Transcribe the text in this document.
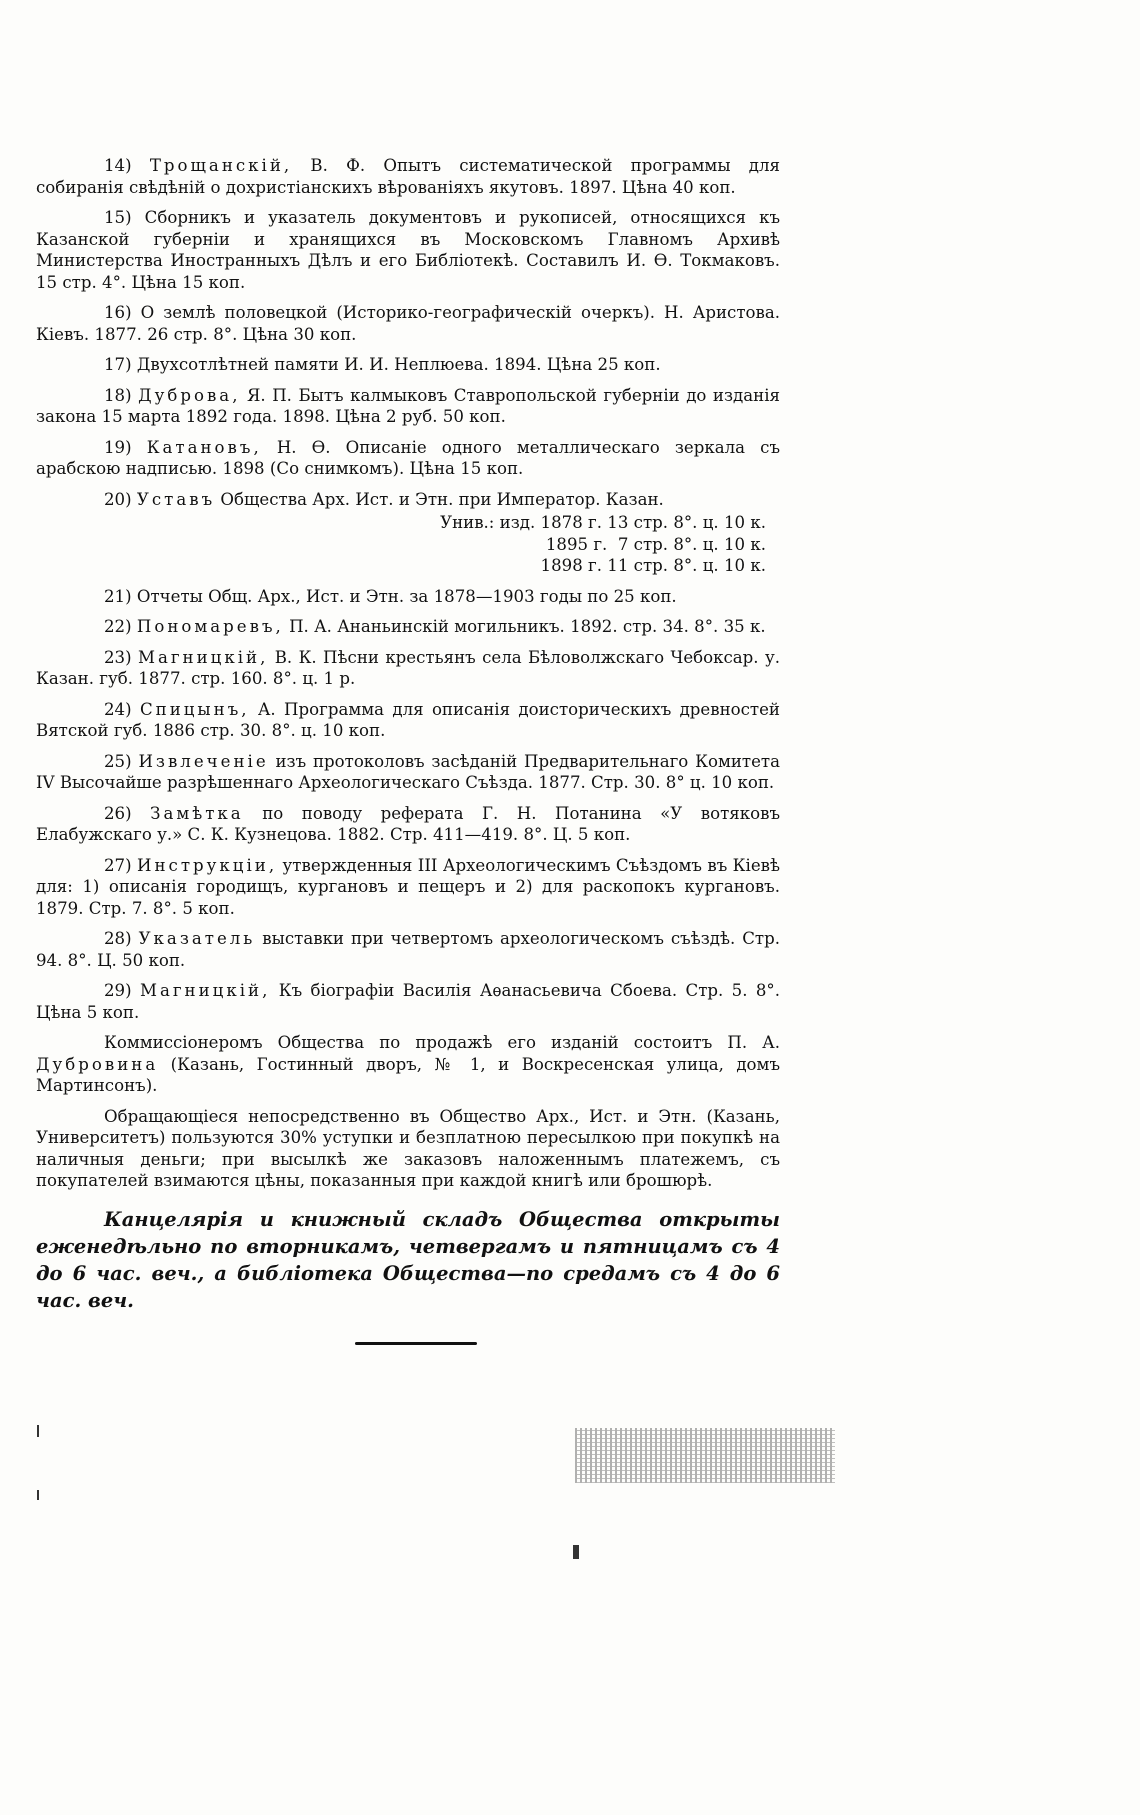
14) Трощанскій, В. Ф. Опытъ систематической программы для собиранія свѣдѣній о дохристіанскихъ вѣрованіяхъ якутовъ. 1897. Цѣна 40 коп.

15) Сборникъ и указатель документовъ и рукописей, относящихся къ Казанской губерніи и хранящихся въ Московскомъ Главномъ Архивѣ Министерства Иностранныхъ Дѣлъ и его Библіотекѣ. Составилъ И. Ѳ. Токмаковъ. 15 стр. 4°. Цѣна 15 коп.

16) О землѣ половецкой (Историко-географическій очеркъ). Н. Аристова. Кіевъ. 1877. 26 стр. 8°. Цѣна 30 коп.

17) Двухсотлѣтней памяти И. И. Неплюева. 1894. Цѣна 25 коп.

18) Дуброва, Я. П. Бытъ калмыковъ Ставропольской губерніи до изданія закона 15 марта 1892 года. 1898. Цѣна 2 руб. 50 коп.

19) Катановъ, Н. Ѳ. Описаніе одного металлическаго зеркала съ арабскою надписью. 1898 (Со снимкомъ). Цѣна 15 коп.

20) Уставъ Общества Арх. Ист. и Этн. при Император. Казан.

Унив.: изд. 1878 г. 13 стр. 8°. ц. 10 к.
1895 г.  7 стр. 8°. ц. 10 к.
1898 г. 11 стр. 8°. ц. 10 к.

21) Отчеты Общ. Арх., Ист. и Этн. за 1878—1903 годы по 25 коп.

22) Пономаревъ, П. А. Ананьинскій могильникъ. 1892. стр. 34. 8°. 35 к.

23) Магницкій, В. К. Пѣсни крестьянъ села Бѣловолжскаго Чебоксар. у. Казан. губ. 1877. стр. 160. 8°. ц. 1 р.

24) Спицынъ, А. Программа для описанія доисторическихъ древностей Вятской губ. 1886 стр. 30. 8°. ц. 10 коп.

25) Извлеченіе изъ протоколовъ засѣданій Предварительнаго Комитета IV Высочайше разрѣшеннаго Археологическаго Съѣзда. 1877. Стр. 30. 8° ц. 10 коп.

26) Замѣтка по поводу реферата Г. Н. Потанина «У вотяковъ Елабужскаго у.» С. К. Кузнецова. 1882. Стр. 411—419. 8°. Ц. 5 коп.

27) Инструкціи, утвержденныя III Археологическимъ Съѣздомъ въ Кіевѣ для: 1) описанія городищъ, кургановъ и пещеръ и 2) для раскопокъ кургановъ. 1879. Стр. 7. 8°. 5 коп.

28) Указатель выставки при четвертомъ археологическомъ съѣздѣ. Стр. 94. 8°. Ц. 50 коп.

29) Магницкій, Къ біографіи Василія Аѳанасьевича Сбоева. Стр. 5. 8°. Цѣна 5 коп.

Коммиссіонеромъ Общества по продажѣ его изданій состоитъ П. А. Дубровина (Казань, Гостинный дворъ, № 1, и Воскресенская улица, домъ Мартинсонъ).

Обращающіеся непосредственно въ Общество Арх., Ист. и Этн. (Казань, Университетъ) пользуются 30% уступки и безплатною пересылкою при покупкѣ на наличныя деньги; при высылкѣ же заказовъ наложеннымъ платежемъ, съ покупателей взимаются цѣны, показанныя при каждой книгѣ или брошюрѣ.

Канцелярія и книжный складъ Общества открыты еженедѣльно по вторникамъ, четвергамъ и пятницамъ съ 4 до 6 час. веч., а библіотека Общества—по средамъ съ 4 до 6 час. веч.
